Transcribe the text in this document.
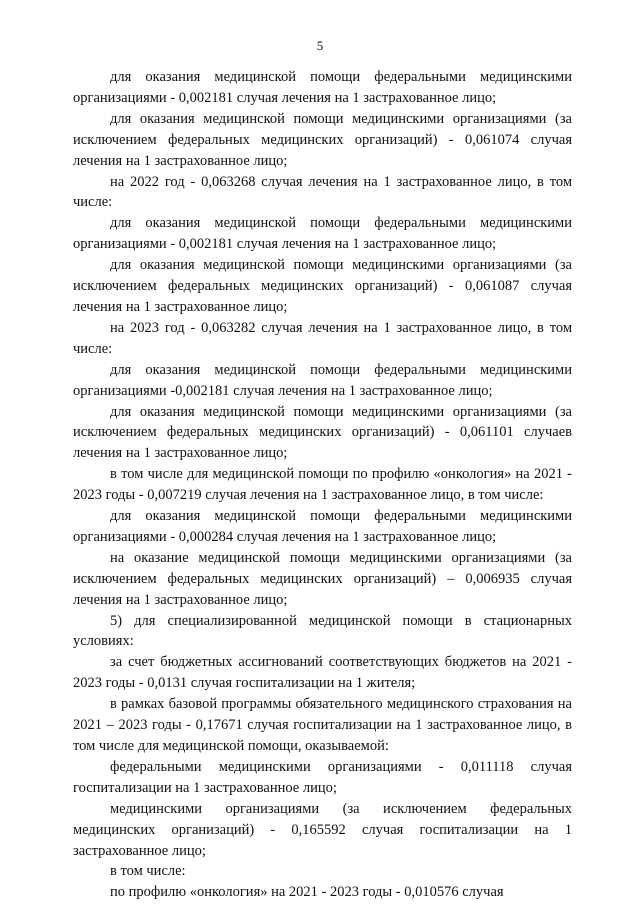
5

для оказания медицинской помощи федеральными медицинскими организациями - 0,002181 случая лечения на 1 застрахованное лицо;

для оказания медицинской помощи медицинскими организациями (за исключением федеральных медицинских организаций) - 0,061074 случая лечения на 1 застрахованное лицо;

на 2022 год - 0,063268 случая лечения на 1 застрахованное лицо, в том числе:

для оказания медицинской помощи федеральными медицинскими организациями - 0,002181 случая лечения на 1 застрахованное лицо;

для оказания медицинской помощи медицинскими организациями (за исключением федеральных медицинских организаций) - 0,061087 случая лечения на 1 застрахованное лицо;

на 2023 год - 0,063282 случая лечения на 1 застрахованное лицо, в том числе:

для оказания медицинской помощи федеральными медицинскими организациями -0,002181 случая лечения на 1 застрахованное лицо;

для оказания медицинской помощи медицинскими организациями (за исключением федеральных медицинских организаций) - 0,061101 случаев лечения на 1 застрахованное лицо;

в том числе для медицинской помощи по профилю «онкология» на 2021 - 2023 годы - 0,007219 случая лечения на 1 застрахованное лицо, в том числе:

для оказания медицинской помощи федеральными медицинскими организациями - 0,000284 случая лечения на 1 застрахованное лицо;

на оказание медицинской помощи медицинскими организациями (за исключением федеральных медицинских организаций) – 0,006935 случая лечения на 1 застрахованное лицо;

5) для специализированной медицинской помощи в стационарных условиях:

за счет бюджетных ассигнований соответствующих бюджетов на 2021 - 2023 годы - 0,0131 случая госпитализации на 1 жителя;

в рамках базовой программы обязательного медицинского страхования на 2021 – 2023 годы - 0,17671 случая госпитализации на 1 застрахованное лицо, в том числе для медицинской помощи, оказываемой:

федеральными медицинскими организациями - 0,011118 случая госпитализации на 1 застрахованное лицо;

медицинскими организациями (за исключением федеральных медицинских организаций) - 0,165592 случая госпитализации на 1 застрахованное лицо;

в том числе:

по профилю «онкология» на 2021 - 2023 годы - 0,010576 случая
